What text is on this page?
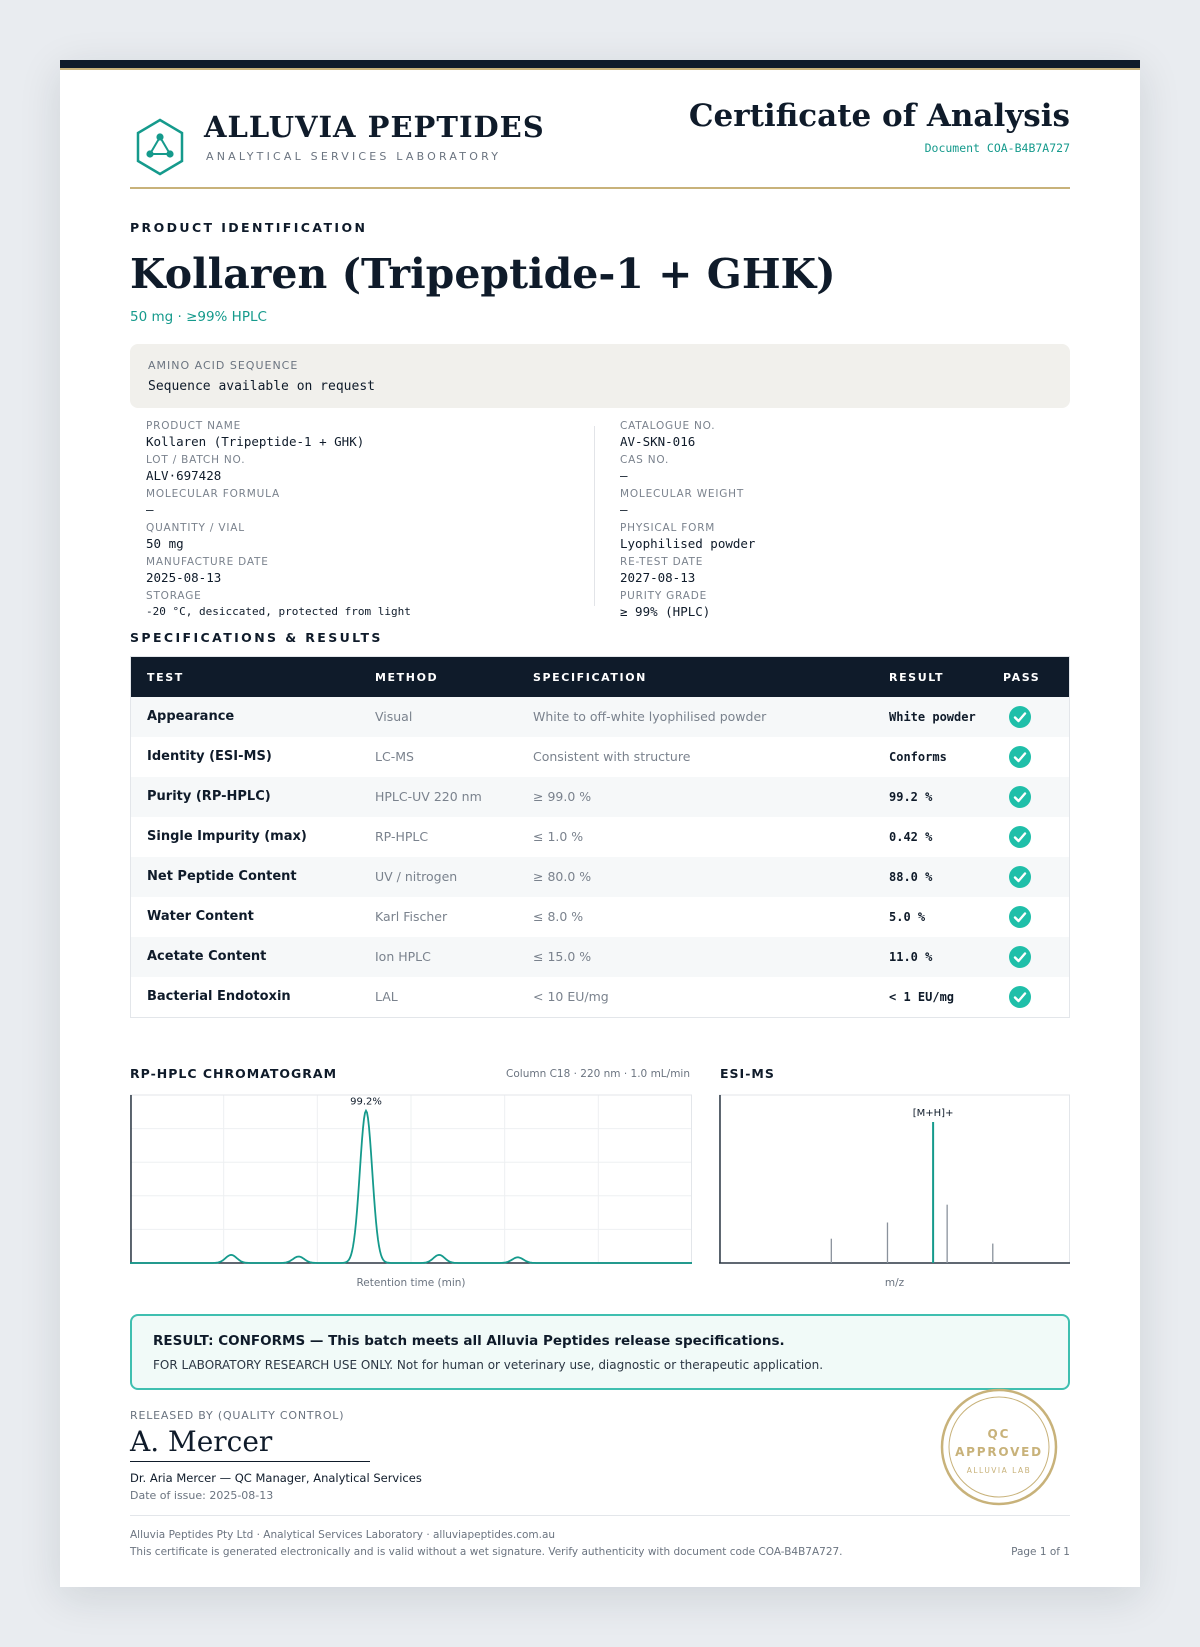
ALLUVIA PEPTIDES
ANALYTICAL SERVICES LABORATORY
Certificate of Analysis
Document COA-B4B7A727
PRODUCT IDENTIFICATION
Kollaren (Tripeptide-1 + GHK)
50 mg · ≥99% HPLC
AMINO ACID SEQUENCE
Sequence available on request
PRODUCT NAME
Kollaren (Tripeptide-1 + GHK)
LOT / BATCH NO.
ALV·697428
MOLECULAR FORMULA
—
QUANTITY / VIAL
50 mg
MANUFACTURE DATE
2025-08-13
STORAGE
-20 °C, desiccated, protected from light
CATALOGUE NO.
AV-SKN-016
CAS NO.
—
MOLECULAR WEIGHT
—
PHYSICAL FORM
Lyophilised powder
RE-TEST DATE
2027-08-13
PURITY GRADE
≥ 99% (HPLC)
SPECIFICATIONS & RESULTS
TEST	METHOD	SPECIFICATION	RESULT	PASS
Appearance	Visual	White to off-white lyophilised powder	White powder
Identity (ESI-MS)	LC-MS	Consistent with structure	Conforms
Purity (RP-HPLC)	HPLC-UV 220 nm	≥ 99.0 %	99.2 %
Single Impurity (max)	RP-HPLC	≤ 1.0 %	0.42 %
Net Peptide Content	UV / nitrogen	≥ 80.0 %	88.0 %
Water Content	Karl Fischer	≤ 8.0 %	5.0 %
Acetate Content	Ion HPLC	≤ 15.0 %	11.0 %
Bacterial Endotoxin	LAL	< 10 EU/mg	< 1 EU/mg
RP-HPLC CHROMATOGRAM	Column C18 · 220 nm · 1.0 mL/min
99.2%
Retention time (min)
ESI-MS
[M+H]+
m/z
RESULT: CONFORMS — This batch meets all Alluvia Peptides release specifications.
FOR LABORATORY RESEARCH USE ONLY. Not for human or veterinary use, diagnostic or therapeutic application.
RELEASED BY (QUALITY CONTROL)
A. Mercer
Dr. Aria Mercer — QC Manager, Analytical Services
Date of issue: 2025-08-13
QC
APPROVED
ALLUVIA LAB
Alluvia Peptides Pty Ltd · Analytical Services Laboratory · alluviapeptides.com.au
This certificate is generated electronically and is valid without a wet signature. Verify authenticity with document code COA-B4B7A727.	Page 1 of 1
